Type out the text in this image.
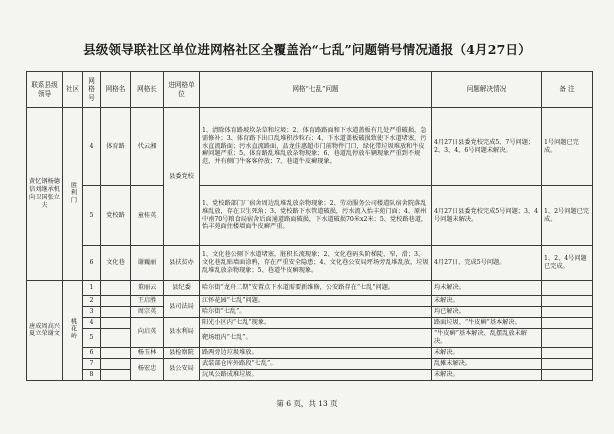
县级领导联社区单位进网格社区全覆盖治“七乱”问题销号情况通报（4月27日）
联系县级领导	社区	网格号	网格名	网格长	进网格单位	网格“七乱”问题	问题解决情况	备 注
黄忆钢杨德信刘继承机向卫国张立夫	胜利门	4	体育路	代云湘	县委党校	1、清除体育路坡坎杂草和垃圾；2、体育路路面和下水道盖板有几处严重破损，急需修补；3、体育路下出口乱堆积沙粒石；4、下水道盖板破损致使下水道堵塞，污水直流路面；污水直流路面，品龙佳惠超市门前物件门口，绿化带垃圾堆放和牛皮癣问题严重；5、体育路乱堆乱放杂物现象；6、巷道乱停放车辆现象严重到不规范，并有侧门牛客客停放；7、巷道牛皮癣现象。	4月27日县委党校完成5、7号问题；2、3、4、6号问题未解决。	1号问题已完成。
		5	党校路	童桂英		1、党校路部门厂宿舍周边乱堆乱放杂物现象；2、劳动服务公司楼道队宿舍院落乱堆乱放，存在卫生死角；3、党校路下水管道破损，污水流入怡丰苑门面；4、原州中南70号粮食局宿舍后面通道路面破损，下水道破损70米x2米；5、党校路巷道，怡丰苑面住楼墙面牛皮癣严重。	4月27日县委党校完成5号问题；3、4号问题未解决。	1、2号问题已完成。
		6	文化巷	谢巍丽	县扶贫办	1、文化巷公厕下水道堵塞，脏积长流现象；2、文化巷码头阶梯陡，窄，滑；3、文化巷乱贴墙面涂鸦，存在严重安全隐患；4、文化巷公安局坪场旁乱堆乱放，垃圾乱堆乱放杂物现象；5、巷道牛皮癣现象。	4月27日，完成5号问题。	1、2、4号问题已完成。
唐成周高兴夏立荣谢文	桃花岭	1		董丽云	县纪委	哈尔街“龙舟二期”安置点下水道需要新维修，公安路存在“七乱”问题。	均未解决。	
		2		王启胜	县司法局	江怀花园“七乱”问题。	未解决。	
		3		周宗英		哈尔街“七乱”。	均已解决。	
		4		向启英	县水利局	阳光小区内“七乱”现象。	路面垃圾、“牛皮癣”基本解决。	
		5				靶场组内“七乱”。	“牛皮癣”基本解决、乱摆乱放未解决。	
		6		杨玉林	县检察院	路两旁边垃圾堆放。	未解决。	
		7		杨宏忠	县公安局	武装部仓库外路段“七乱”。	乱摊未解决。	
		8				沅凤公路成堆垃圾。	未解决。	
第 6 页，共 13 页
